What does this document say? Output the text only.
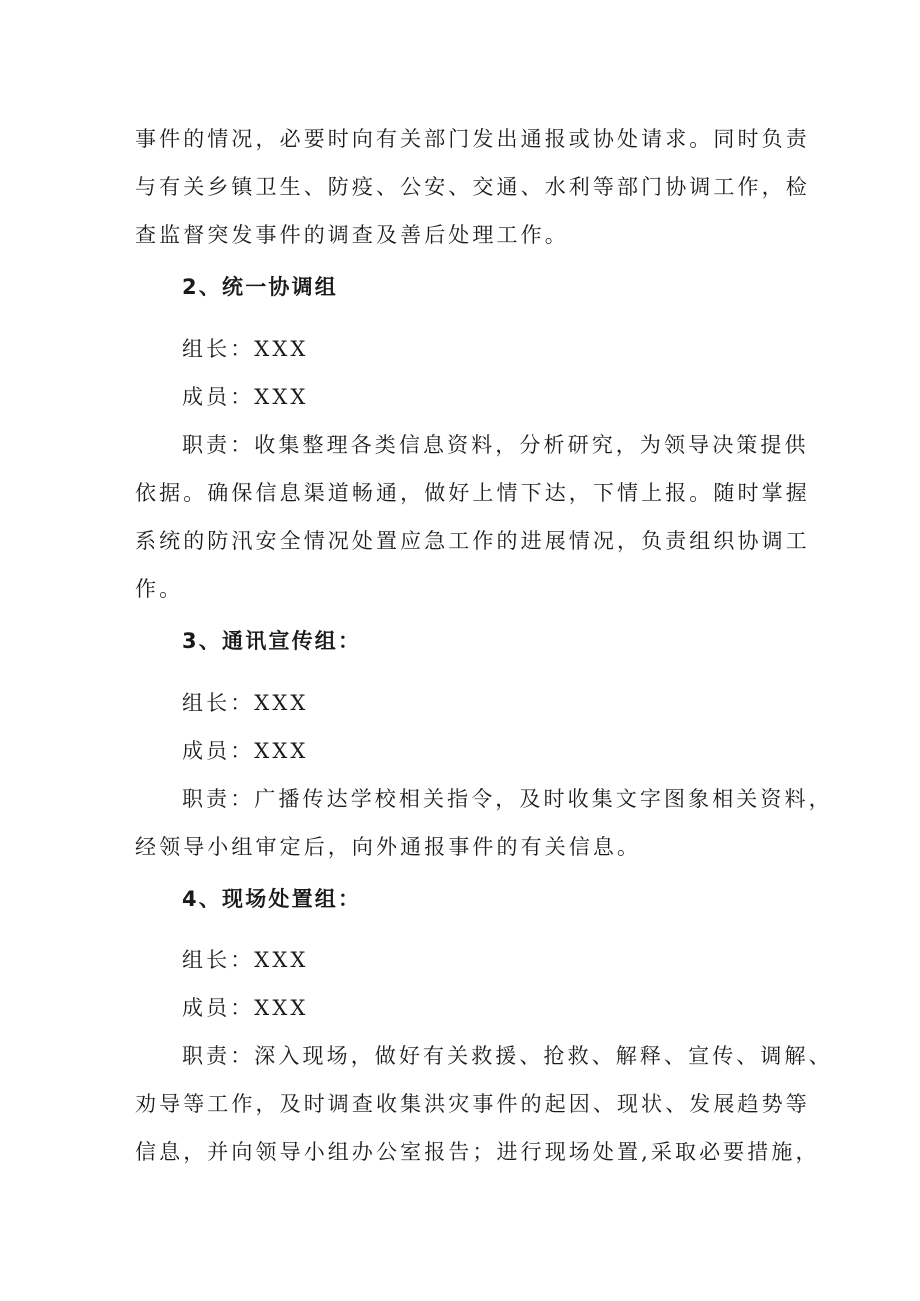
事件的情况，必要时向有关部门发出通报或协处请求。同时负责
与有关乡镇卫生、防疫、公安、交通、水利等部门协调工作，检
查监督突发事件的调查及善后处理工作。
2、统一协调组
组长：XXX
成员：XXX
职责：收集整理各类信息资料，分析研究，为领导决策提供
依据。确保信息渠道畅通，做好上情下达，下情上报。随时掌握
系统的防汛安全情况处置应急工作的进展情况，负责组织协调工
作。
3、通讯宣传组：
组长：XXX
成员：XXX
职责：广播传达学校相关指令，及时收集文字图象相关资料，
经领导小组审定后，向外通报事件的有关信息。
4、现场处置组：
组长：XXX
成员：XXX
职责：深入现场，做好有关救援、抢救、解释、宣传、调解、
劝导等工作，及时调查收集洪灾事件的起因、现状、发展趋势等
信息，并向领导小组办公室报告；进行现场处置,采取必要措施，
